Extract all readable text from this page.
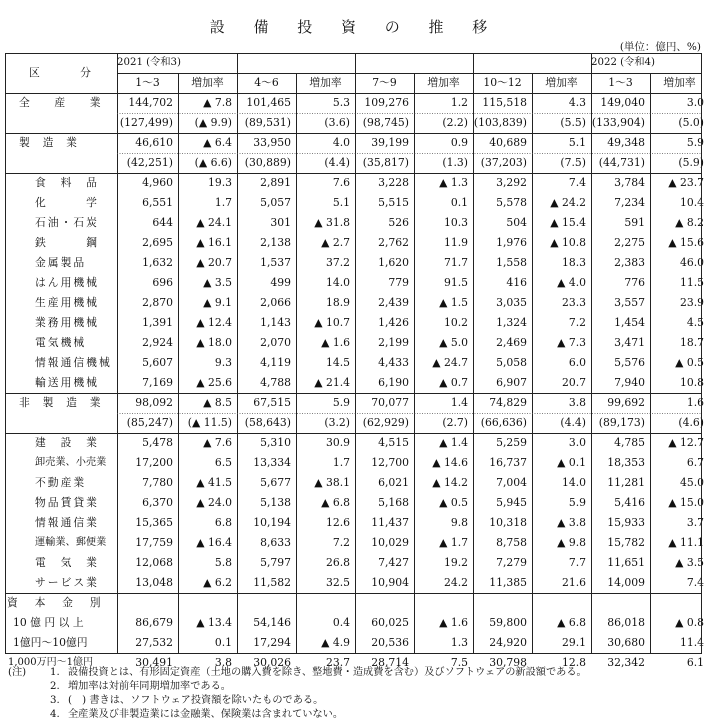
設 備 投 資 の 推 移
(単位：億円、%)
区　　　分	2021 (令和3)								2022 (令和4)	
	1～3	増加率	4～6	増加率	7～9	増加率	10～12	増加率	1～3	増加率
全　　産　　業	144,702	▲ 7.8	101,465	5.3	109,276	1.2	115,518	4.3	149,040	3.0
	(127,499)	(▲ 9.9)	(89,531)	(3.6)	(98,745)	(2.2)	(103,839)	(5.5)	(133,904)	(5.0)
製　造　業	46,610	▲ 6.4	33,950	4.0	39,199	0.9	40,689	5.1	49,348	5.9
	(42,251)	(▲ 6.6)	(30,889)	(4.4)	(35,817)	(1.3)	(37,203)	(7.5)	(44,731)	(5.9)
食　料　品	4,960	19.3	2,891	7.6	3,228	▲ 1.3	3,292	7.4	3,784	▲ 23.7
化　　　学	6,551	1.7	5,057	5.1	5,515	0.1	5,578	▲ 24.2	7,234	10.4
石油・石炭	644	▲ 24.1	301	▲ 31.8	526	10.3	504	▲ 15.4	591	▲ 8.2
鉄　　　鋼	2,695	▲ 16.1	2,138	▲ 2.7	2,762	11.9	1,976	▲ 10.8	2,275	▲ 15.6
金属製品	1,632	▲ 20.7	1,537	37.2	1,620	71.7	1,558	18.3	2,383	46.0
はん用機械	696	▲ 3.5	499	14.0	779	91.5	416	▲ 4.0	776	11.5
生産用機械	2,870	▲ 9.1	2,066	18.9	2,439	▲ 1.5	3,035	23.3	3,557	23.9
業務用機械	1,391	▲ 12.4	1,143	▲ 10.7	1,426	10.2	1,324	7.2	1,454	4.5
電気機械	2,924	▲ 18.0	2,070	▲ 1.6	2,199	▲ 5.0	2,469	▲ 7.3	3,471	18.7
情報通信機械	5,607	9.3	4,119	14.5	4,433	▲ 24.7	5,058	6.0	5,576	▲ 0.5
輸送用機械	7,169	▲ 25.6	4,788	▲ 21.4	6,190	▲ 0.7	6,907	20.7	7,940	10.8
非　製　造　業	98,092	▲ 8.5	67,515	5.9	70,077	1.4	74,829	3.8	99,692	1.6
	(85,247)	(▲ 11.5)	(58,643)	(3.2)	(62,929)	(2.7)	(66,636)	(4.4)	(89,173)	(4.6)
建　設　業	5,478	▲ 7.6	5,310	30.9	4,515	▲ 1.4	5,259	3.0	4,785	▲ 12.7
卸売業、小売業	17,200	6.5	13,334	1.7	12,700	▲ 14.6	16,737	▲ 0.1	18,353	6.7
不動産業	7,780	▲ 41.5	5,677	▲ 38.1	6,021	▲ 14.2	7,004	14.0	11,281	45.0
物品賃貸業	6,370	▲ 24.0	5,138	▲ 6.8	5,168	▲ 0.5	5,945	5.9	5,416	▲ 15.0
情報通信業	15,365	6.8	10,194	12.6	11,437	9.8	10,318	▲ 3.8	15,933	3.7
運輸業、郵便業	17,759	▲ 16.4	8,633	7.2	10,029	▲ 1.7	8,758	▲ 9.8	15,782	▲ 11.1
電　気　業	12,068	5.8	5,797	26.8	7,427	19.2	7,279	7.7	11,651	▲ 3.5
サービス業	13,048	▲ 6.2	11,582	32.5	10,904	24.2	11,385	21.6	14,009	7.4
資　本　金　別										
10 億 円 以 上	86,679	▲ 13.4	54,146	0.4	60,025	▲ 1.6	59,800	▲ 6.8	86,018	▲ 0.8
1億円～10億円	27,532	0.1	17,294	▲ 4.9	20,536	1.3	24,920	29.1	30,680	11.4
1,000万円～1億円	30,491	3.8	30,026	23.7	28,714	7.5	30,798	12.8	32,342	6.1
(注)	1. 設備投資とは、有形固定資産（土地の購入費を除き、整地費・造成費を含む）及びソフトウェアの新設額である。
2. 増加率は対前年同期増加率である。
3. (　) 書きは、ソフトウェア投資額を除いたものである。
4. 全産業及び非製造業には金融業、保険業は含まれていない。
